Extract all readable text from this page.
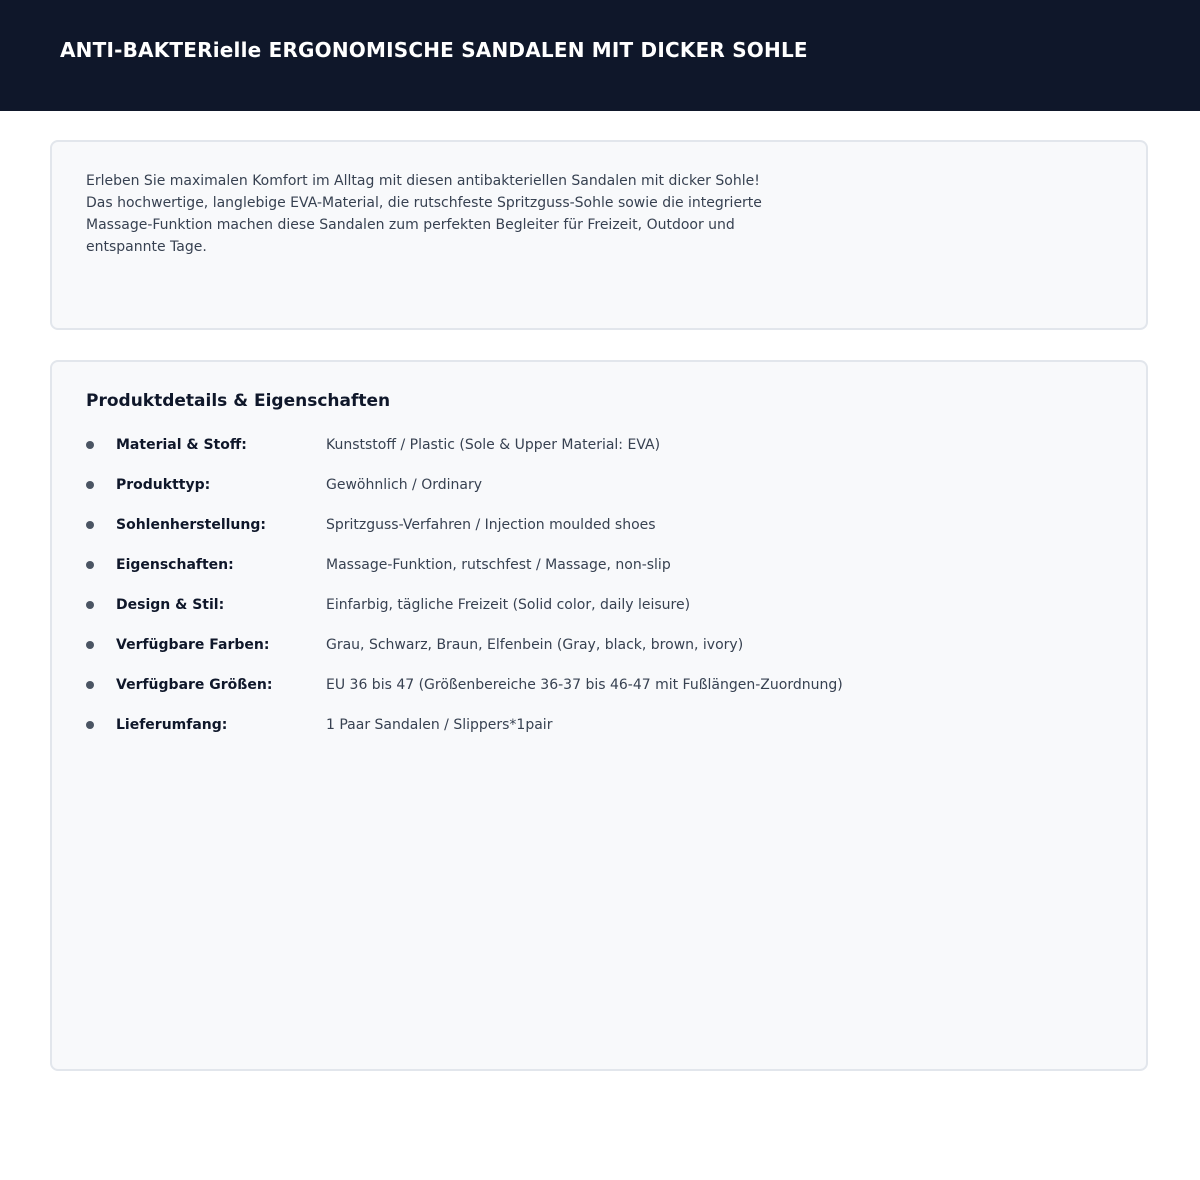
ANTI-BAKTERielle ERGONOMISCHE SANDALEN MIT DICKER SOHLE

Erleben Sie maximalen Komfort im Alltag mit diesen antibakteriellen Sandalen mit dicker Sohle! Das hochwertige, langlebige EVA-Material, die rutschfeste Spritzguss-Sohle sowie die integrierte Massage-Funktion machen diese Sandalen zum perfekten Begleiter für Freizeit, Outdoor und entspannte Tage.

Produktdetails & Eigenschaften
Material & Stoff:	Kunststoff / Plastic (Sole & Upper Material: EVA)
Produkttyp:	Gewöhnlich / Ordinary
Sohlenherstellung:	Spritzguss-Verfahren / Injection moulded shoes
Eigenschaften:	Massage-Funktion, rutschfest / Massage, non-slip
Design & Stil:	Einfarbig, tägliche Freizeit (Solid color, daily leisure)
Verfügbare Farben:	Grau, Schwarz, Braun, Elfenbein (Gray, black, brown, ivory)
Verfügbare Größen:	EU 36 bis 47 (Größenbereiche 36-37 bis 46-47 mit Fußlängen-Zuordnung)
Lieferumfang:	1 Paar Sandalen / Slippers*1pair
